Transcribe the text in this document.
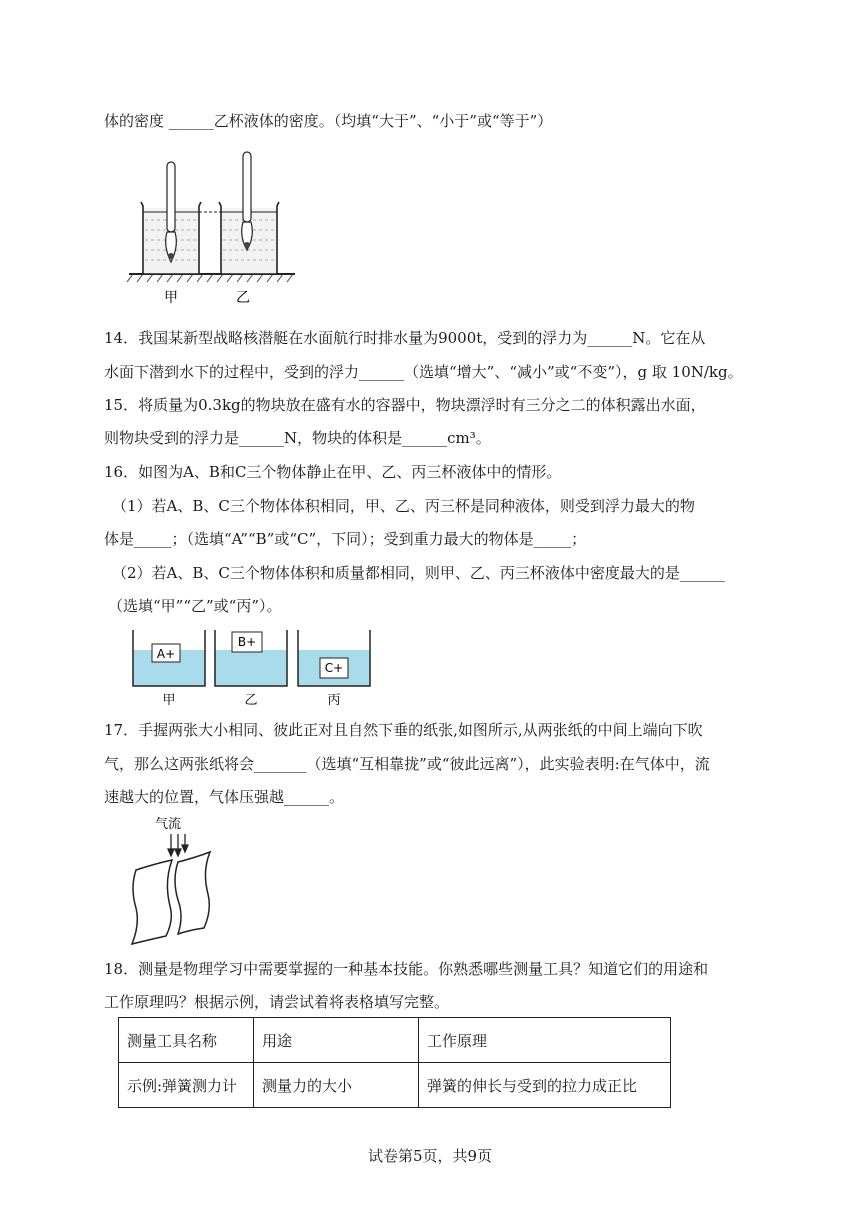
体的密度 ______乙杯液体的密度。（均填“大于”、“小于”或“等于”）
甲	乙
14．我国某新型战略核潜艇在水面航行时排水量为9000t，受到的浮力为______N。它在从
水面下潜到水下的过程中，受到的浮力______（选填“增大”、“减小”或“不变”），g 取 10N/kg。
15．将质量为0.3kg的物块放在盛有水的容器中，物块漂浮时有三分之二的体积露出水面，
则物块受到的浮力是______N，物块的体积是______cm³。
16．如图为A、B和C三个物体静止在甲、乙、丙三杯液体中的情形。
（1）若A、B、C三个物体体积相同，甲、乙、丙三杯是同种液体，则受到浮力最大的物
体是_____；（选填“A”“B”或“C”，下同）；受到重力最大的物体是_____；
（2）若A、B、C三个物体体积和质量都相同，则甲、乙、丙三杯液体中密度最大的是______
（选填“甲”“乙”或“丙”）。
A+
B+
C+
甲	乙	丙
17．手握两张大小相同、彼此正对且自然下垂的纸张,如图所示,从两张纸的中间上端向下吹
气，那么这两张纸将会_______（选填“互相靠拢”或“彼此远离”），此实验表明:在气体中，流
速越大的位置，气体压强越______。
气流
18．测量是物理学习中需要掌握的一种基本技能。你熟悉哪些测量工具？知道它们的用途和
工作原理吗？根据示例，请尝试着将表格填写完整。
测量工具名称	用途	工作原理
示例:弹簧测力计	测量力的大小	弹簧的伸长与受到的拉力成正比
试卷第5页，共9页
